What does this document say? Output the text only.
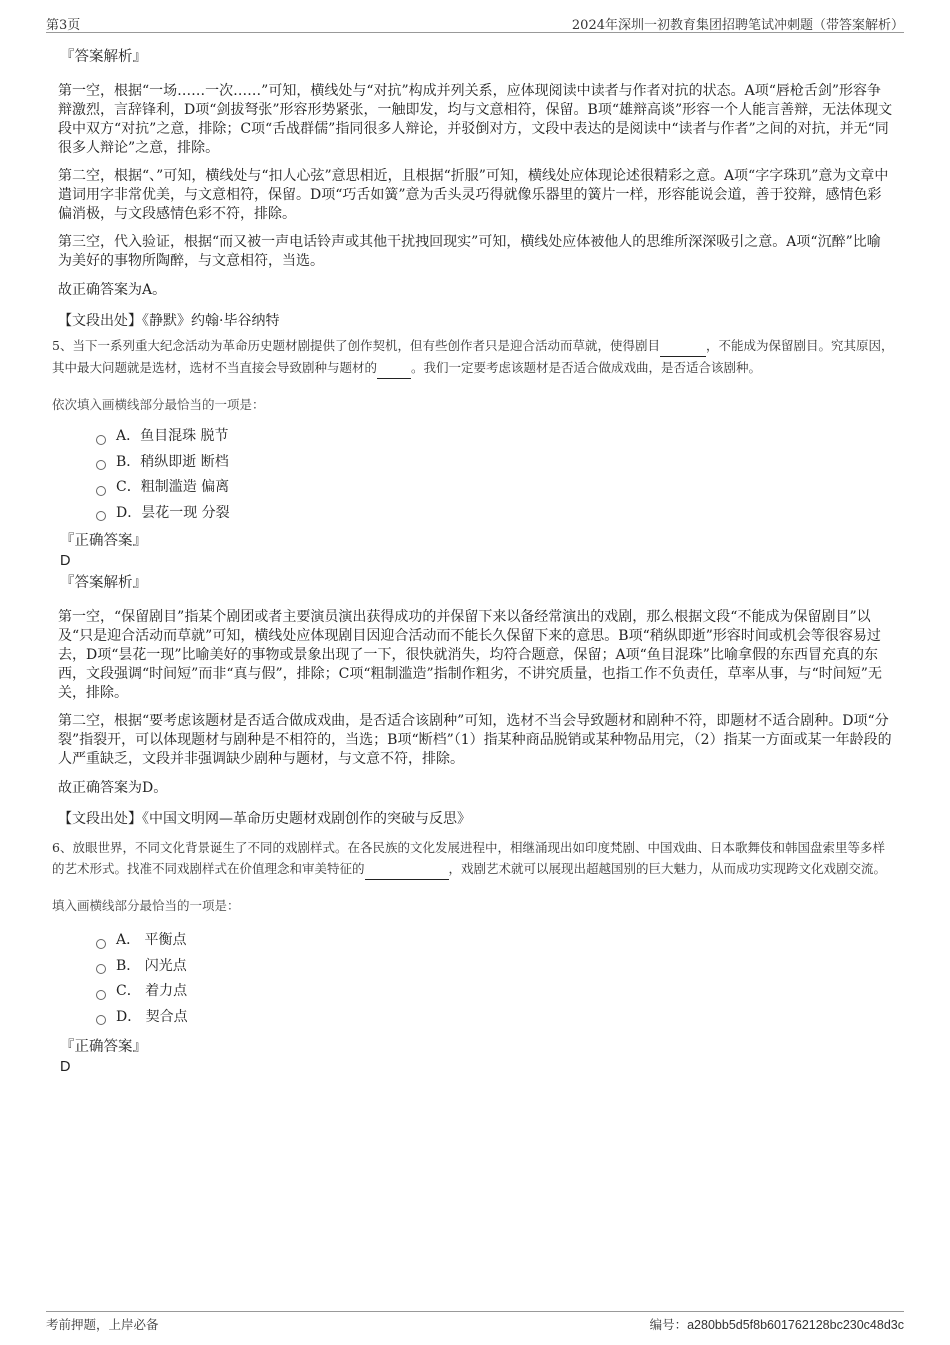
第3页	2024年深圳一初教育集团招聘笔试冲刺题（带答案解析）
『答案解析』
第一空，根据“一场……一次……”可知，横线处与“对抗”构成并列关系，应体现阅读中读者与作者对抗的状态。A项“唇枪舌剑”形容争辩激烈，言辞锋利，D项“剑拔弩张”形容形势紧张，一触即发，均与文意相符，保留。B项“雄辩高谈”形容一个人能言善辩，无法体现文段中双方“对抗”之意，排除；C项“舌战群儒”指同很多人辩论，并驳倒对方，文段中表达的是阅读中“读者与作者”之间的对抗，并无“同很多人辩论”之意，排除。
第二空，根据“、”可知，横线处与“扣人心弦”意思相近，且根据“折服”可知，横线处应体现论述很精彩之意。A项“字字珠玑”意为文章中遣词用字非常优美，与文意相符，保留。D项“巧舌如簧”意为舌头灵巧得就像乐器里的簧片一样，形容能说会道，善于狡辩，感情色彩偏消极，与文段感情色彩不符，排除。
第三空，代入验证，根据“而又被一声电话铃声或其他干扰拽回现实”可知，横线处应体被他人的思维所深深吸引之意。A项“沉醉”比喻为美好的事物所陶醉，与文意相符，当选。
故正确答案为A。
【文段出处】《静默》约翰·毕谷纳特
5、当下一系列重大纪念活动为革命历史题材剧提供了创作契机，但有些创作者只是迎合活动而草就，使得剧目	，不能成为保留剧目。究其原因，其中最大问题就是选材，选材不当直接会导致剧种与题材的	。我们一定要考虑该题材是否适合做成戏曲，是否适合该剧种。
依次填入画横线部分最恰当的一项是：
A．鱼目混珠 脱节
B．稍纵即逝 断档
C．粗制滥造 偏离
D．昙花一现 分裂
『正确答案』
D
『答案解析』
第一空，“保留剧目”指某个剧团或者主要演员演出获得成功的并保留下来以备经常演出的戏剧，那么根据文段“不能成为保留剧目”以及“只是迎合活动而草就”可知，横线处应体现剧目因迎合活动而不能长久保留下来的意思。B项“稍纵即逝”形容时间或机会等很容易过去，D项“昙花一现”比喻美好的事物或景象出现了一下，很快就消失，均符合题意，保留；A项“鱼目混珠”比喻拿假的东西冒充真的东西，文段强调“时间短”而非“真与假”，排除；C项“粗制滥造”指制作粗劣，不讲究质量，也指工作不负责任，草率从事，与“时间短”无关，排除。
第二空，根据“要考虑该题材是否适合做成戏曲，是否适合该剧种”可知，选材不当会导致题材和剧种不符，即题材不适合剧种。D项“分裂”指裂开，可以体现题材与剧种是不相符的，当选；B项“断档”（1）指某种商品脱销或某种物品用完，（2）指某一方面或某一年龄段的人严重缺乏，文段并非强调缺少剧种与题材，与文意不符，排除。
故正确答案为D。
【文段出处】《中国文明网—革命历史题材戏剧创作的突破与反思》
6、放眼世界，不同文化背景诞生了不同的戏剧样式。在各民族的文化发展进程中，相继涌现出如印度梵剧、中国戏曲、日本歌舞伎和韩国盘索里等多样的艺术形式。找准不同戏剧样式在价值理念和审美特征的	，戏剧艺术就可以展现出超越国别的巨大魅力，从而成功实现跨文化戏剧交流。
填入画横线部分最恰当的一项是：
A． 平衡点
B． 闪光点
C． 着力点
D． 契合点
『正确答案』
D
考前押题，上岸必备	编号：a280bb5d5f8b601762128bc230c48d3c
